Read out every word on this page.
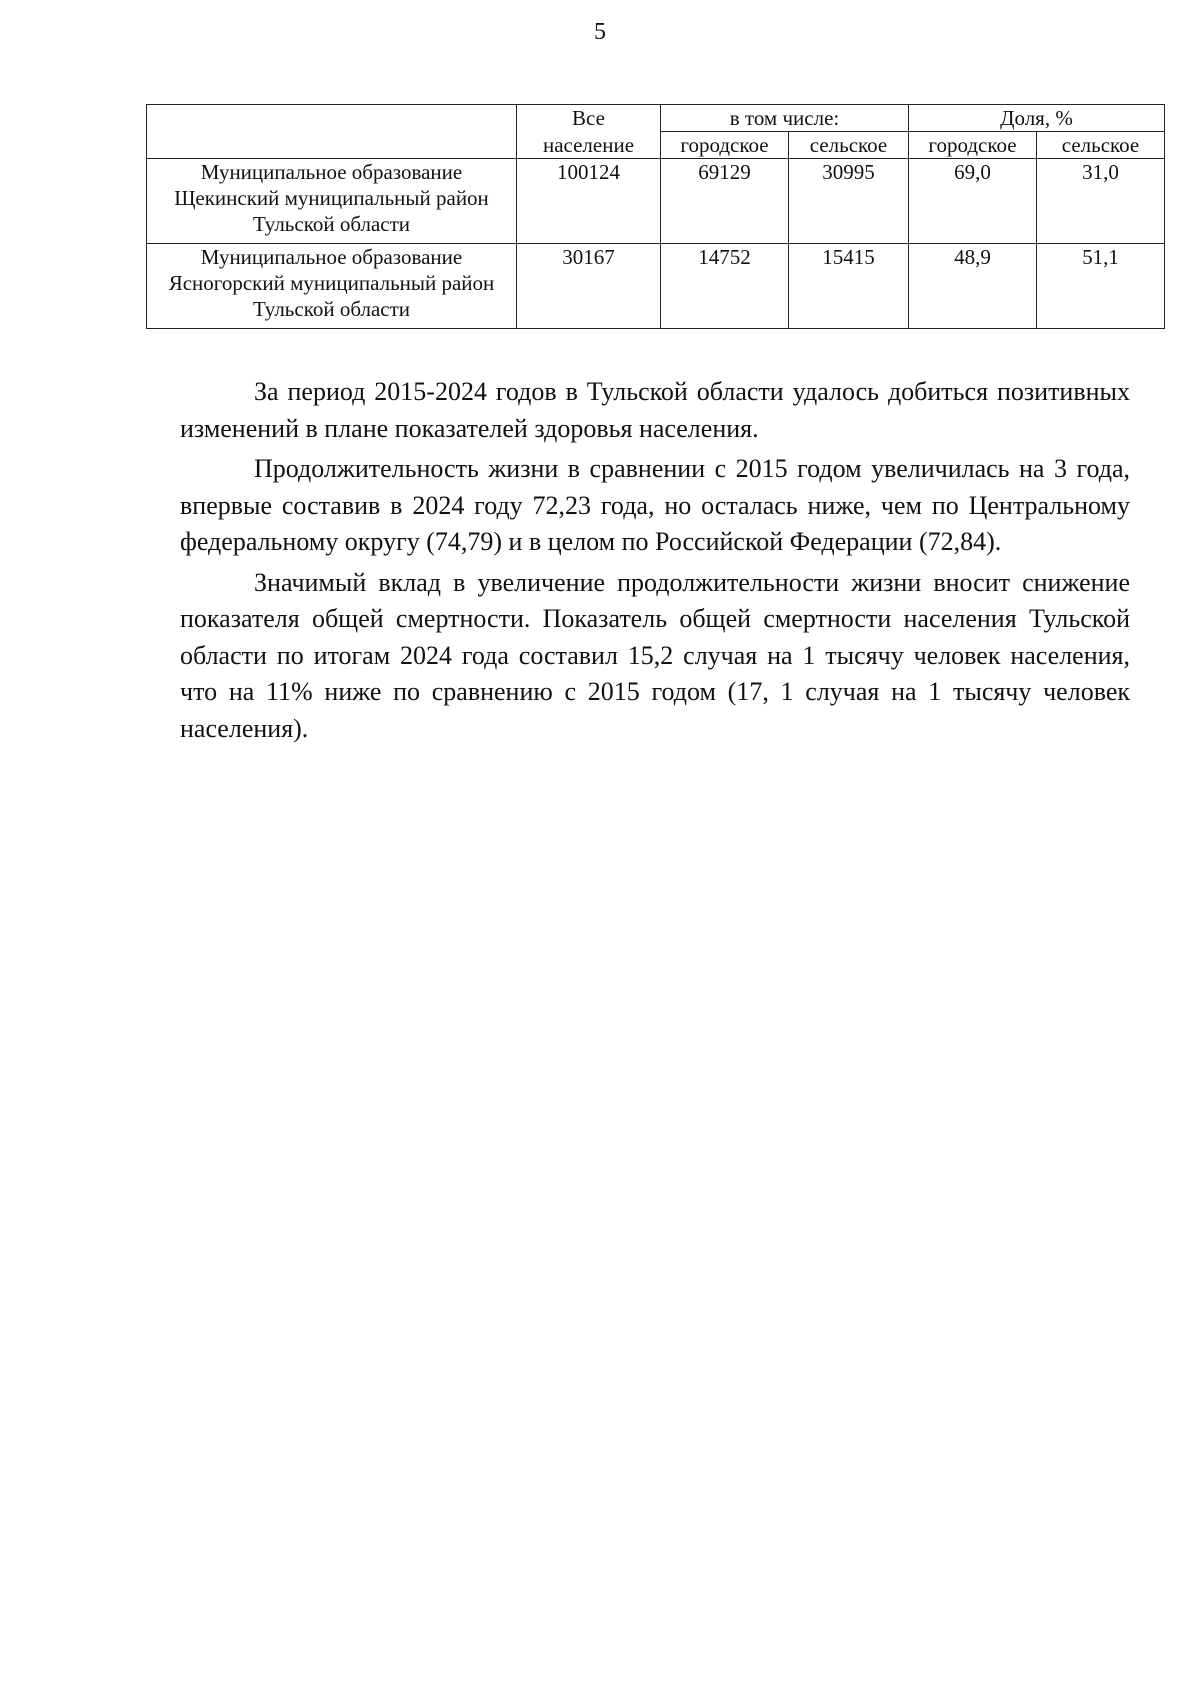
5
	Все	в том числе:		Доля, %	
	население	городское	сельское	городское	сельское
Муниципальное образование Щекинский муниципальный район Тульской области	100124	69129	30995	69,0	31,0
Муниципальное образование Ясногорский муниципальный район Тульской области	30167	14752	15415	48,9	51,1

За период 2015-2024 годов в Тульской области удалось добиться позитивных изменений в плане показателей здоровья населения.

Продолжительность жизни в сравнении с 2015 годом увеличилась на 3 года, впервые составив в 2024 году 72,23 года, но осталась ниже, чем по Центральному федеральному округу (74,79) и в целом по Российской Федерации (72,84).

Значимый вклад в увеличение продолжительности жизни вносит снижение показателя общей смертности. Показатель общей смертности населения Тульской области по итогам 2024 года составил 15,2 случая на 1 тысячу человек населения, что на 11% ниже по сравнению с 2015 годом (17, 1 случая на 1 тысячу человек населения).
